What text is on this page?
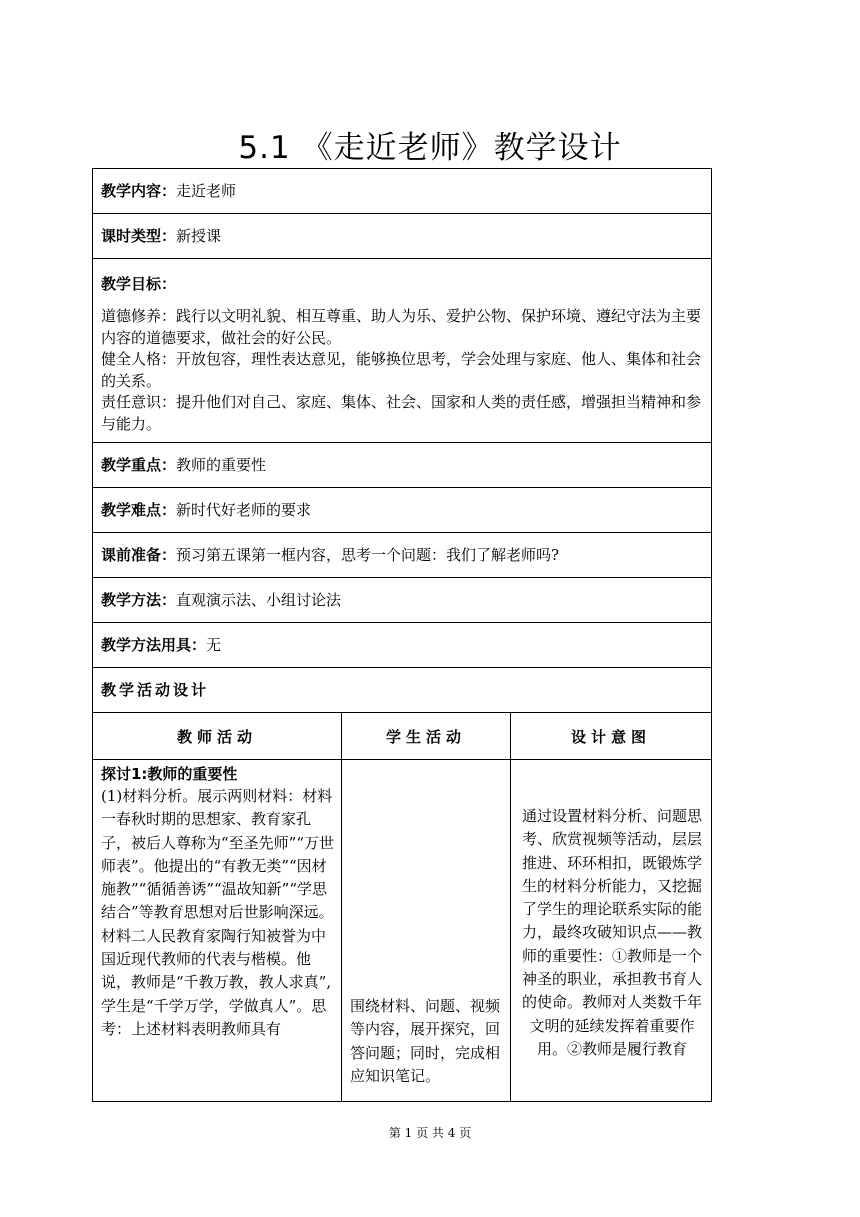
5.1 《走近老师》教学设计
教学内容：走近老师		
课时类型：新授课		

教学目标：

道德修养：践行以文明礼貌、相互尊重、助人为乐、爱护公物、保护环境、遵纪守法为主要内容的道德要求，做社会的好公民。

健全人格：开放包容，理性表达意见，能够换位思考，学会处理与家庭、他人、集体和社会的关系。

责任意识：提升他们对自己、家庭、集体、社会、国家和人类的责任感，增强担当精神和参与能力。		

教学重点：教师的重要性		
教学难点：新时代好老师的要求		
课前准备：预习第五课第一框内容，思考一个问题：我们了解老师吗?		
教学方法：直观演示法、小组讨论法		
教学方法用具：无		
教学活动设计		
教师活动	学生活动	设计意图

探讨1:教师的重要性

(1)材料分析。展示两则材料：材料一春秋时期的思想家、教育家孔子，被后人尊称为“至圣先师”“万世师表”。他提出的“有教无类”“因材施教”“循循善诱”“温故知新”“学思结合”等教育思想对后世影响深远。材料二人民教育家陶行知被誉为中国近现代教师的代表与楷模。他说，教师是“千教万教，教人求真”,学生是“千学万学，学做真人”。思考：上述材料表明教师具有	围绕材料、问题、视频等内容，展开探究，回答问题；同时，完成相应知识笔记。	通过设置材料分析、问题思考、欣赏视频等活动，层层推进、环环相扣，既锻炼学生的材料分析能力，又挖掘了学生的理论联系实际的能力，最终攻破知识点——教师的重要性：①教师是一个神圣的职业，承担教书育人的使命。教师对人类数千年文明的延续发挥着重要作用。②教师是履行教育

第 1 页 共 4 页
